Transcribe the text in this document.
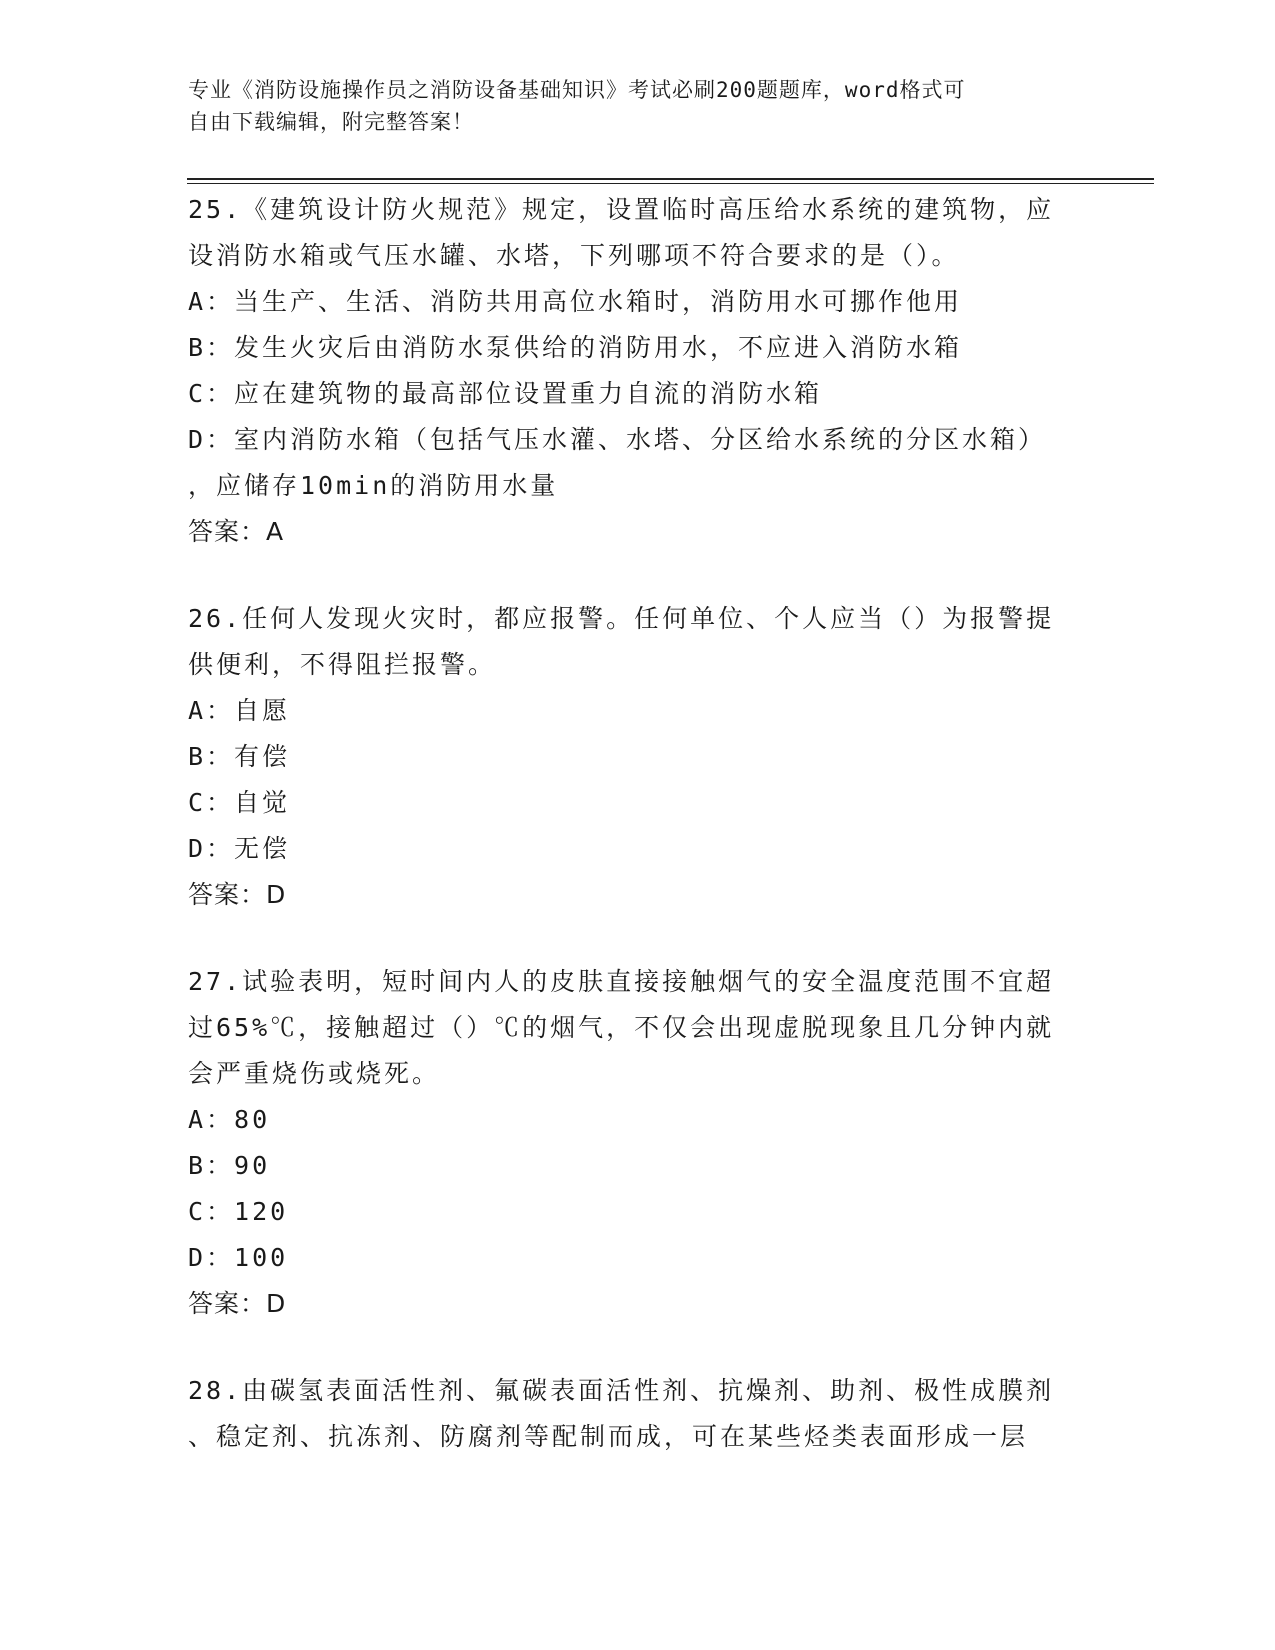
专业《消防设施操作员之消防设备基础知识》考试必刷200题题库，word格式可
自由下载编辑，附完整答案！
25.《建筑设计防火规范》规定，设置临时高压给水系统的建筑物，应
设消防水箱或气压水罐、水塔，下列哪项不符合要求的是（）。
A：当生产、生活、消防共用高位水箱时，消防用水可挪作他用
B：发生火灾后由消防水泵供给的消防用水，不应进入消防水箱
C：应在建筑物的最高部位设置重力自流的消防水箱
D：室内消防水箱（包括气压水灌、水塔、分区给水系统的分区水箱）
，应储存10min的消防用水量
答案：A
26.任何人发现火灾时，都应报警。任何单位、个人应当（）为报警提
供便利，不得阻拦报警。
A：自愿
B：有偿
C：自觉
D：无偿
答案：D
27.试验表明，短时间内人的皮肤直接接触烟气的安全温度范围不宜超
过65%℃，接触超过（）℃的烟气，不仅会出现虚脱现象且几分钟内就
会严重烧伤或烧死。
A：80
B：90
C：120
D：100
答案：D
28.由碳氢表面活性剂、氟碳表面活性剂、抗燥剂、助剂、极性成膜剂
、稳定剂、抗冻剂、防腐剂等配制而成，可在某些烃类表面形成一层
